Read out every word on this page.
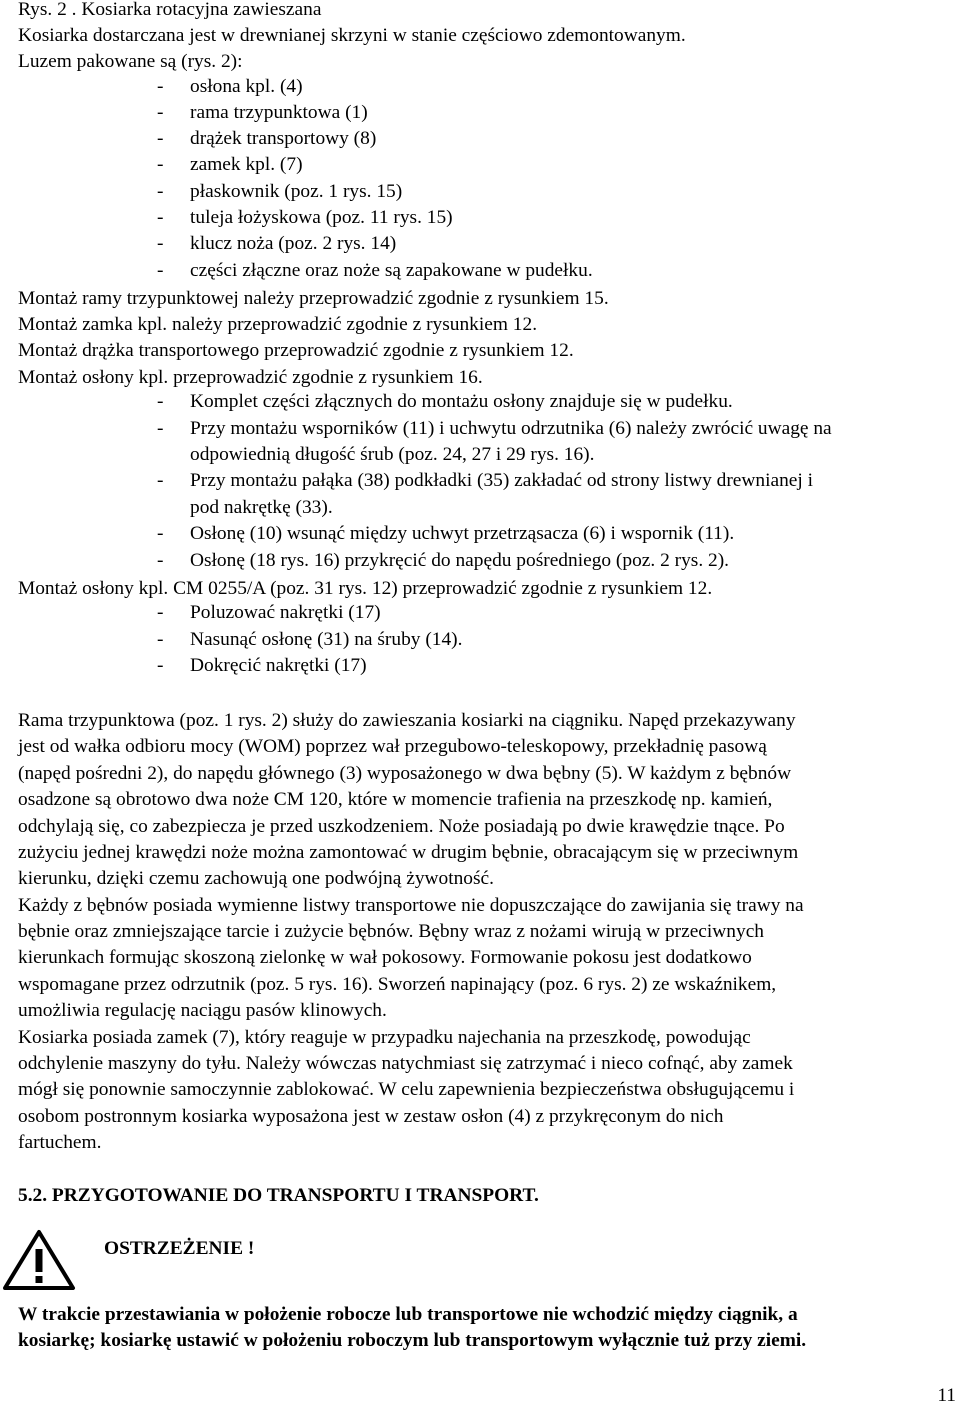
Rys. 2 . Kosiarka rotacyjna zawieszana
Kosiarka dostarczana jest w drewnianej skrzyni w stanie częściowo zdemontowanym.
Luzem pakowane są (rys. 2):
- osłona kpl. (4)
- rama trzypunktowa (1)
- drążek transportowy (8)
- zamek kpl. (7)
- płaskownik (poz. 1 rys. 15)
- tuleja łożyskowa (poz. 11 rys. 15)
- klucz noża (poz. 2 rys. 14)
- części złączne oraz noże są zapakowane w pudełku.
Montaż ramy trzypunktowej należy przeprowadzić zgodnie z rysunkiem 15.
Montaż zamka kpl. należy przeprowadzić zgodnie z rysunkiem 12.
Montaż drążka transportowego przeprowadzić zgodnie z rysunkiem 12.
Montaż osłony kpl. przeprowadzić zgodnie z rysunkiem 16.
- Komplet części złącznych do montażu osłony znajduje się w pudełku.
- Przy montażu wsporników (11) i uchwytu odrzutnika (6) należy zwrócić uwagę na
odpowiednią długość śrub (poz. 24, 27 i 29 rys. 16).
- Przy montażu pałąka (38) podkładki (35) zakładać od strony listwy drewnianej i
pod nakrętkę (33).
- Osłonę (10) wsunąć między uchwyt przetrząsacza (6) i wspornik (11).
- Osłonę (18 rys. 16) przykręcić do napędu pośredniego (poz. 2 rys. 2).
Montaż osłony kpl. CM 0255/A (poz. 31 rys. 12) przeprowadzić zgodnie z rysunkiem 12.
- Poluzować nakrętki (17)
- Nasunąć osłonę (31) na śruby (14).
- Dokręcić nakrętki (17)
Rama trzypunktowa (poz. 1 rys. 2) służy do zawieszania kosiarki na ciągniku. Napęd przekazywany
jest od wałka odbioru mocy (WOM) poprzez wał przegubowo-teleskopowy, przekładnię pasową
(napęd pośredni 2), do napędu głównego (3) wyposażonego w dwa bębny (5). W każdym z bębnów
osadzone są obrotowo dwa noże CM 120, które w momencie trafienia na przeszkodę np. kamień,
odchylają się, co zabezpiecza je przed uszkodzeniem. Noże posiadają po dwie krawędzie tnące. Po
zużyciu jednej krawędzi noże można zamontować w drugim bębnie, obracającym się w przeciwnym
kierunku, dzięki czemu zachowują one podwójną żywotność.
Każdy z bębnów posiada wymienne listwy transportowe nie dopuszczające do zawijania się trawy na
bębnie oraz zmniejszające tarcie i zużycie bębnów. Bębny wraz z nożami wirują w przeciwnych
kierunkach formując skoszoną zielonkę w wał pokosowy. Formowanie pokosu jest dodatkowo
wspomagane przez odrzutnik (poz. 5 rys. 16). Sworzeń napinający (poz. 6 rys. 2) ze wskaźnikem,
umożliwia regulację naciągu pasów klinowych.
Kosiarka posiada zamek (7), który reaguje w przypadku najechania na przeszkodę, powodując
odchylenie maszyny do tyłu. Należy wówczas natychmiast się zatrzymać i nieco cofnąć, aby zamek
mógł się ponownie samoczynnie zablokować. W celu zapewnienia bezpieczeństwa obsługującemu i
osobom postronnym kosiarka wyposażona jest w zestaw osłon (4) z przykręconym do nich
fartuchem.
5.2. PRZYGOTOWANIE DO TRANSPORTU I TRANSPORT.
OSTRZEŻENIE !
W trakcie przestawiania w położenie robocze lub transportowe nie wchodzić między ciągnik, a
kosiarkę; kosiarkę ustawić w położeniu roboczym lub transportowym wyłącznie tuż przy ziemi.
11
